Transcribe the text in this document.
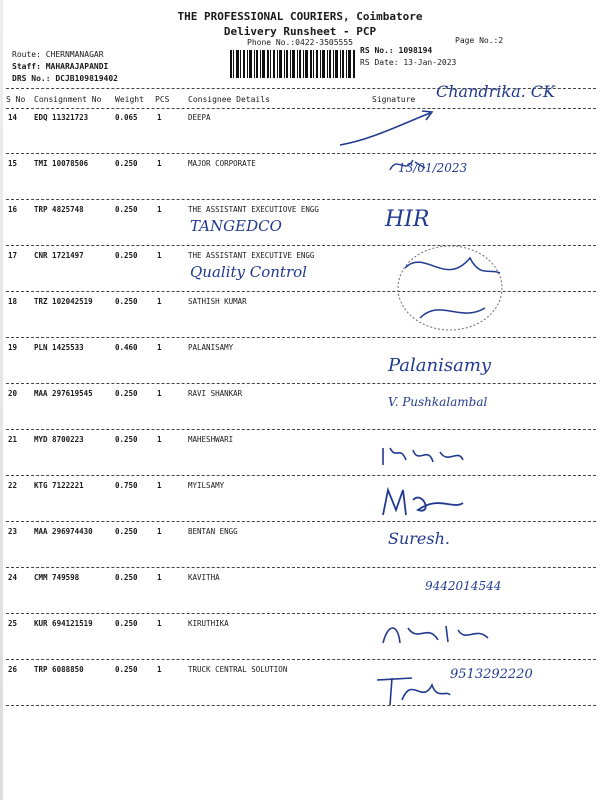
THE PROFESSIONAL COURIERS, Coimbatore
Delivery Runsheet - PCP
Phone No.:0422-3505555	Page No.:2
Route: CHERNMANAGAR
Staff: MAHARAJAPANDI
DRS No.: DCJB109819402
RS No.: 1098194
RS Date: 13-Jan-2023
S No Consignment No Weight PCS Consignee Details	Signature Chandrika. CK
14 EDQ 11321723	0.065	1	DEEPA
15 TMI 10078506	0.250	1	MAJOR CORPORATE	13/01/2023
16 TRP 4825748	0.250	1	THE ASSISTANT EXECUTIOVE ENGG
TANGEDCO	HIR
17 CNR 1721497	0.250	1	THE ASSISTANT EXECUTIVE ENGG
Quality Control
18 TRZ 102042519	0.250	1	SATHISH KUMAR
19 PLN 1425533	0.460	1	PALANISAMY
Palanisamy
20 MAA 297619545	0.250	1	RAVI SHANKAR
V. Pushkalambal
21 MYD 8700223	0.250	1	MAHESHWARI
22 KTG 7122221	0.750	1	MYILSAMY
23 MAA 296974430	0.250	1	BENTAN ENGG	Suresh.
24 CMM 749598	0.250	1	KAVITHA
9442014544
25 KUR 694121519	0.250	1	KIRUTHIKA
26 TRP 6088850	0.250	1	TRUCK CENTRAL SOLUTION	9513292220
